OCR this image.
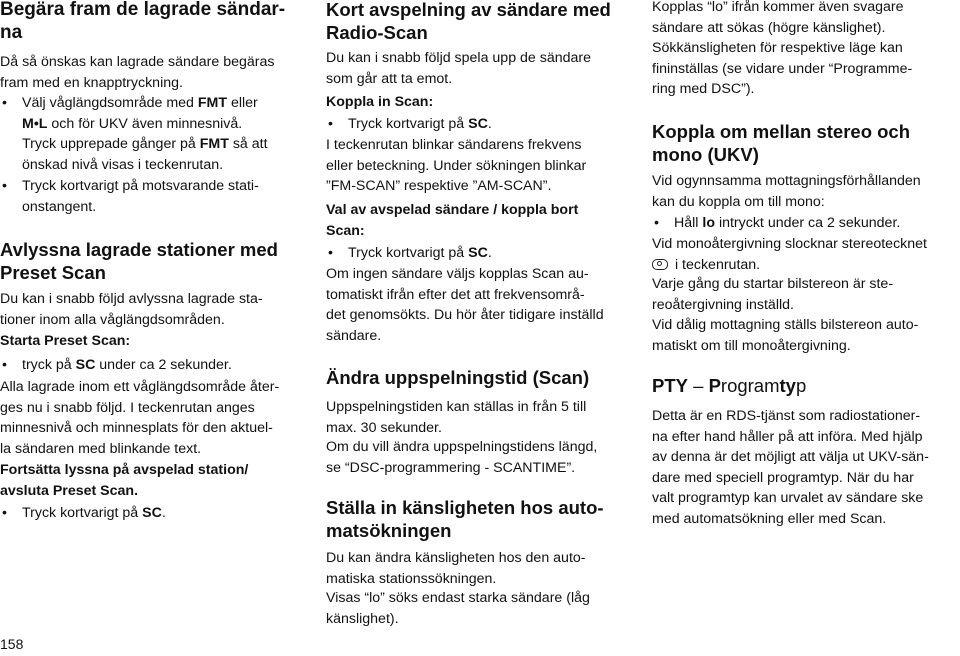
Begära fram de lagrade sändar-
na
Då så önskas kan lagrade sändare begäras
fram med en knapptryckning.
• Välj våglängdsområde med FMT eller
M•L och för UKV även minnesnivå.
Tryck upprepade gånger på FMT så att
önskad nivå visas i teckenrutan.
• Tryck kortvarigt på motsvarande stati-
onstangent.
Avlyssna lagrade stationer med
Preset Scan
Du kan i snabb följd avlyssna lagrade sta-
tioner inom alla våglängdsområden.
Starta Preset Scan:
• tryck på SC under ca 2 sekunder.
Alla lagrade inom ett våglängdsområde åter-
ges nu i snabb följd. I teckenrutan anges
minnesnivå och minnesplats för den aktuel-
la sändaren med blinkande text.
Fortsätta lyssna på avspelad station/
avsluta Preset Scan.
• Tryck kortvarigt på SC.
Kort avspelning av sändare med
Radio-Scan
Du kan i snabb följd spela upp de sändare
som går att ta emot.
Koppla in Scan:
• Tryck kortvarigt på SC.
I teckenrutan blinkar sändarens frekvens
eller beteckning. Under sökningen blinkar
”FM-SCAN” respektive ”AM-SCAN”.
Val av avspelad sändare / koppla bort
Scan:
• Tryck kortvarigt på SC.
Om ingen sändare väljs kopplas Scan au-
tomatiskt ifrån efter det att frekvensområ-
det genomsökts. Du hör åter tidigare inställd
sändare.
Ändra uppspelningstid (Scan)
Uppspelningstiden kan ställas in från 5 till
max. 30 sekunder.
Om du vill ändra uppspelningstidens längd,
se “DSC-programmering - SCANTIME”.
Ställa in känsligheten hos auto-
matsökningen
Du kan ändra känsligheten hos den auto-
matiska stationssökningen.
Visas “lo” söks endast starka sändare (låg
känslighet).
Kopplas “lo” ifrån kommer även svagare
sändare att sökas (högre känslighet).
Sökkänsligheten för respektive läge kan
fininställas (se vidare under “Programme-
ring med DSC”).
Koppla om mellan stereo och
mono (UKV)
Vid ogynnsamma mottagningsförhållanden
kan du koppla om till mono:
• Håll lo intryckt under ca 2 sekunder.
Vid monoåtergivning slocknar stereotecknet
i teckenrutan.
Varje gång du startar bilstereon är ste-
reoåtergivning inställd.
Vid dålig mottagning ställs bilstereon auto-
matiskt om till monoåtergivning.
PTY – Programtyp
Detta är en RDS-tjänst som radiostationer-
na efter hand håller på att införa. Med hjälp
av denna är det möjligt att välja ut UKV-sän-
dare med speciell programtyp. När du har
valt programtyp kan urvalet av sändare ske
med automatsökning eller med Scan.
158
